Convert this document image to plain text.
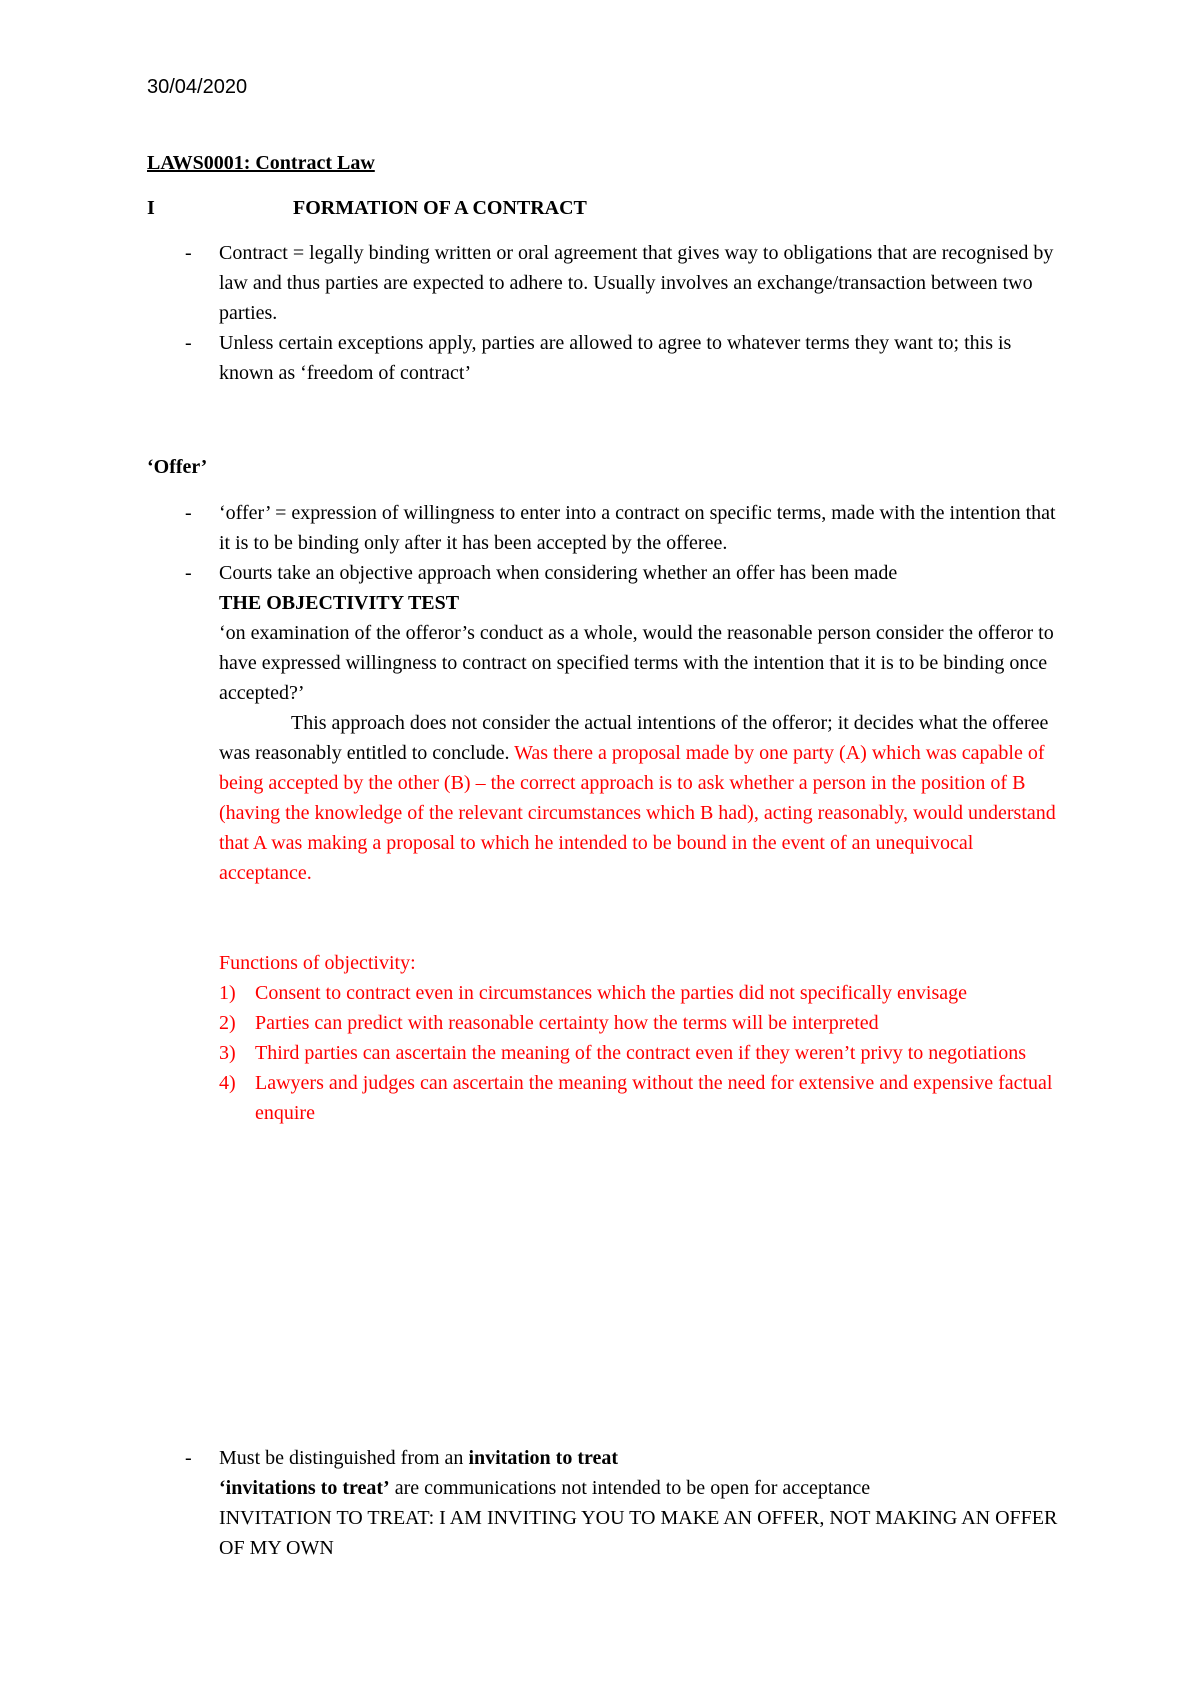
30/04/2020
LAWS0001: Contract Law
I	FORMATION OF A CONTRACT
- Contract = legally binding written or oral agreement that gives way to obligations that are recognised by law and thus parties are expected to adhere to. Usually involves an exchange/transaction between two parties.
- Unless certain exceptions apply, parties are allowed to agree to whatever terms they want to; this is known as ‘freedom of contract’
‘Offer’
- ‘offer’ = expression of willingness to enter into a contract on specific terms, made with the intention that it is to be binding only after it has been accepted by the offeree.
- Courts take an objective approach when considering whether an offer has been made
THE OBJECTIVITY TEST
‘on examination of the offeror’s conduct as a whole, would the reasonable person consider the offeror to have expressed willingness to contract on specified terms with the intention that it is to be binding once accepted?’
This approach does not consider the actual intentions of the offeror; it decides what the offeree was reasonably entitled to conclude. Was there a proposal made by one party (A) which was capable of being accepted by the other (B) – the correct approach is to ask whether a person in the position of B (having the knowledge of the relevant circumstances which B had), acting reasonably, would understand that A was making a proposal to which he intended to be bound in the event of an unequivocal acceptance.
Functions of objectivity:
1) Consent to contract even in circumstances which the parties did not specifically envisage
2) Parties can predict with reasonable certainty how the terms will be interpreted
3) Third parties can ascertain the meaning of the contract even if they weren’t privy to negotiations
4) Lawyers and judges can ascertain the meaning without the need for extensive and expensive factual enquire
- Must be distinguished from an invitation to treat
‘invitations to treat’ are communications not intended to be open for acceptance
INVITATION TO TREAT: I AM INVITING YOU TO MAKE AN OFFER, NOT MAKING AN OFFER OF MY OWN
